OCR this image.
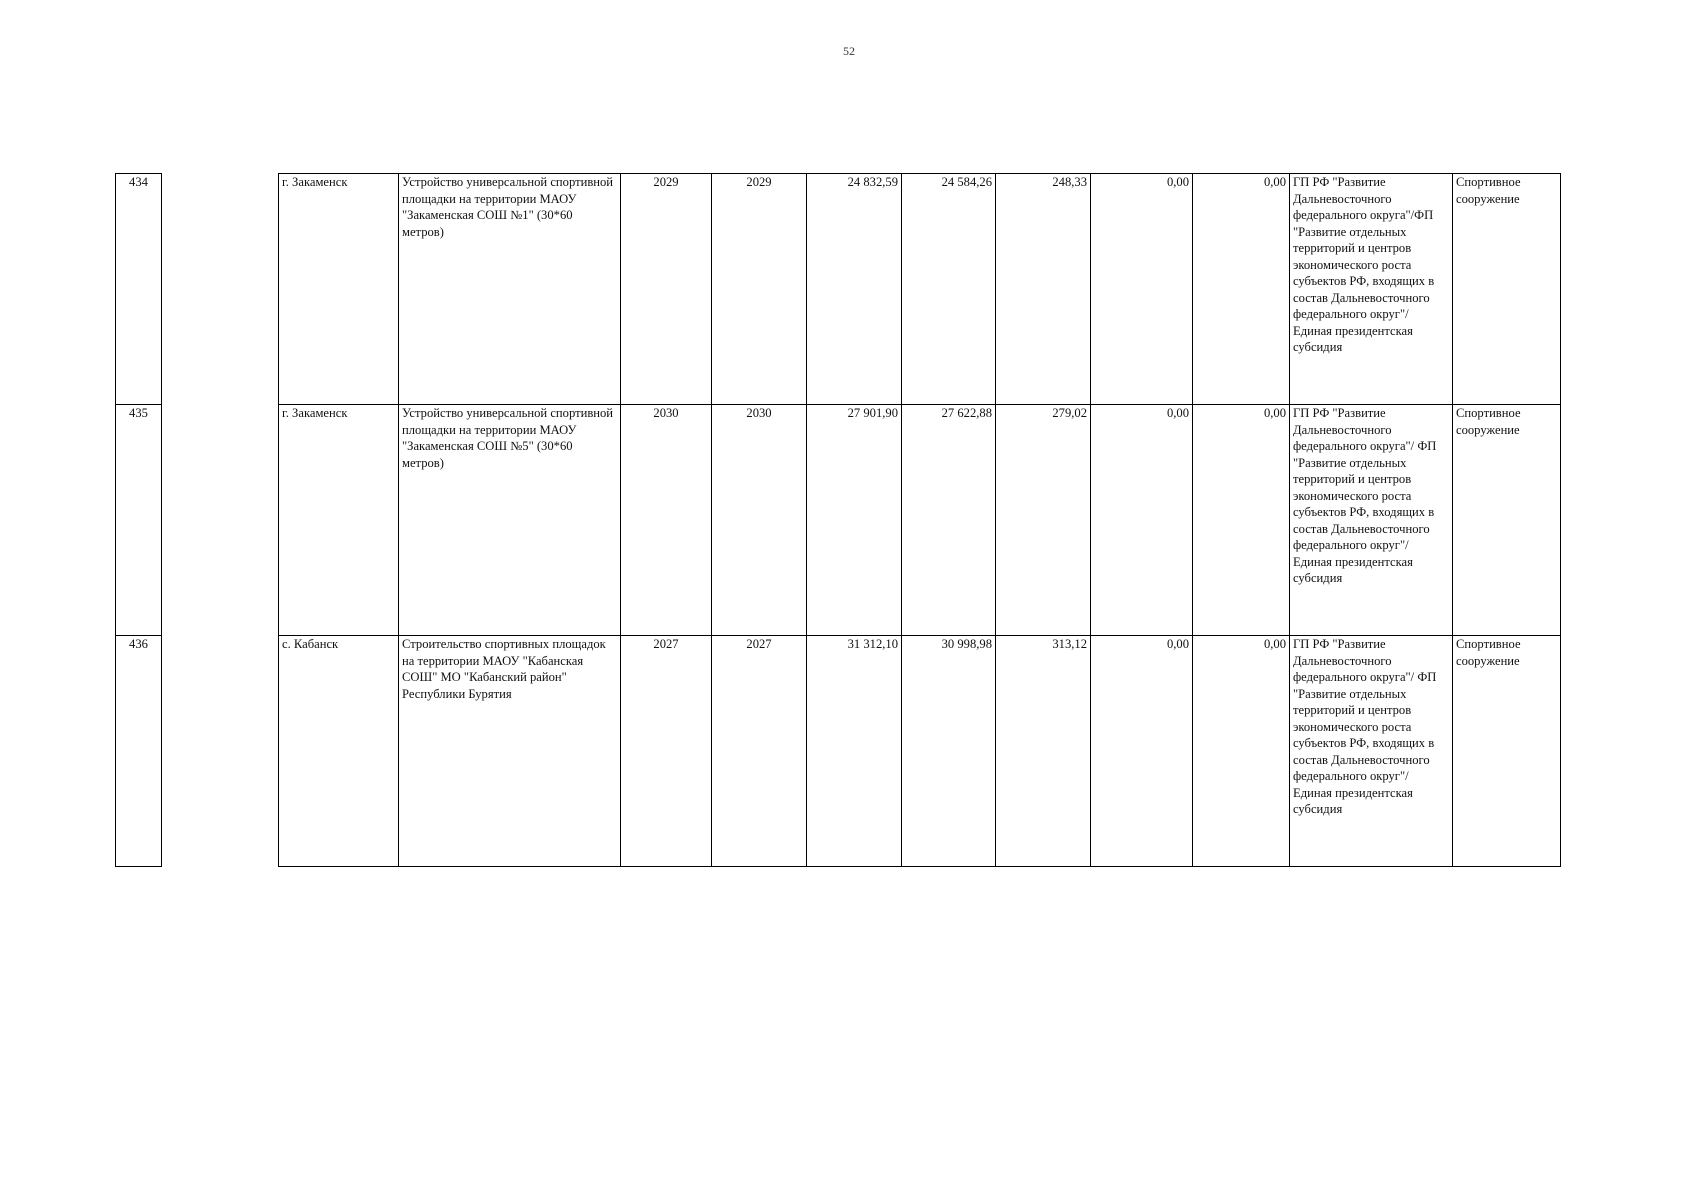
52
434		г. Закаменск	Устройство универсальной спортивной площадки на территории МАОУ "Закаменская СОШ №1" (30*60 метров)	2029	2029	24 832,59	24 584,26	248,33	0,00	0,00	ГП РФ "Развитие Дальневосточного федерального округа"/ФП "Развитие отдельных территорий и центров экономического роста субъектов РФ, входящих в состав Дальневосточного федерального округ"/ Единая президентская субсидия	Спортивное сооружение
435		г. Закаменск	Устройство универсальной спортивной площадки на территории МАОУ "Закаменская СОШ №5" (30*60 метров)	2030	2030	27 901,90	27 622,88	279,02	0,00	0,00	ГП РФ "Развитие Дальневосточного федерального округа"/ ФП "Развитие отдельных территорий и центров экономического роста субъектов РФ, входящих в состав Дальневосточного федерального округ"/ Единая президентская субсидия	Спортивное сооружение
436		с. Кабанск	Строительство спортивных площадок на территории МАОУ "Кабанская СОШ" МО "Кабанский район" Республики Бурятия	2027	2027	31 312,10	30 998,98	313,12	0,00	0,00	ГП РФ "Развитие Дальневосточного федерального округа"/ ФП "Развитие отдельных территорий и центров экономического роста субъектов РФ, входящих в состав Дальневосточного федерального округ"/ Единая президентская субсидия	Спортивное сооружение
